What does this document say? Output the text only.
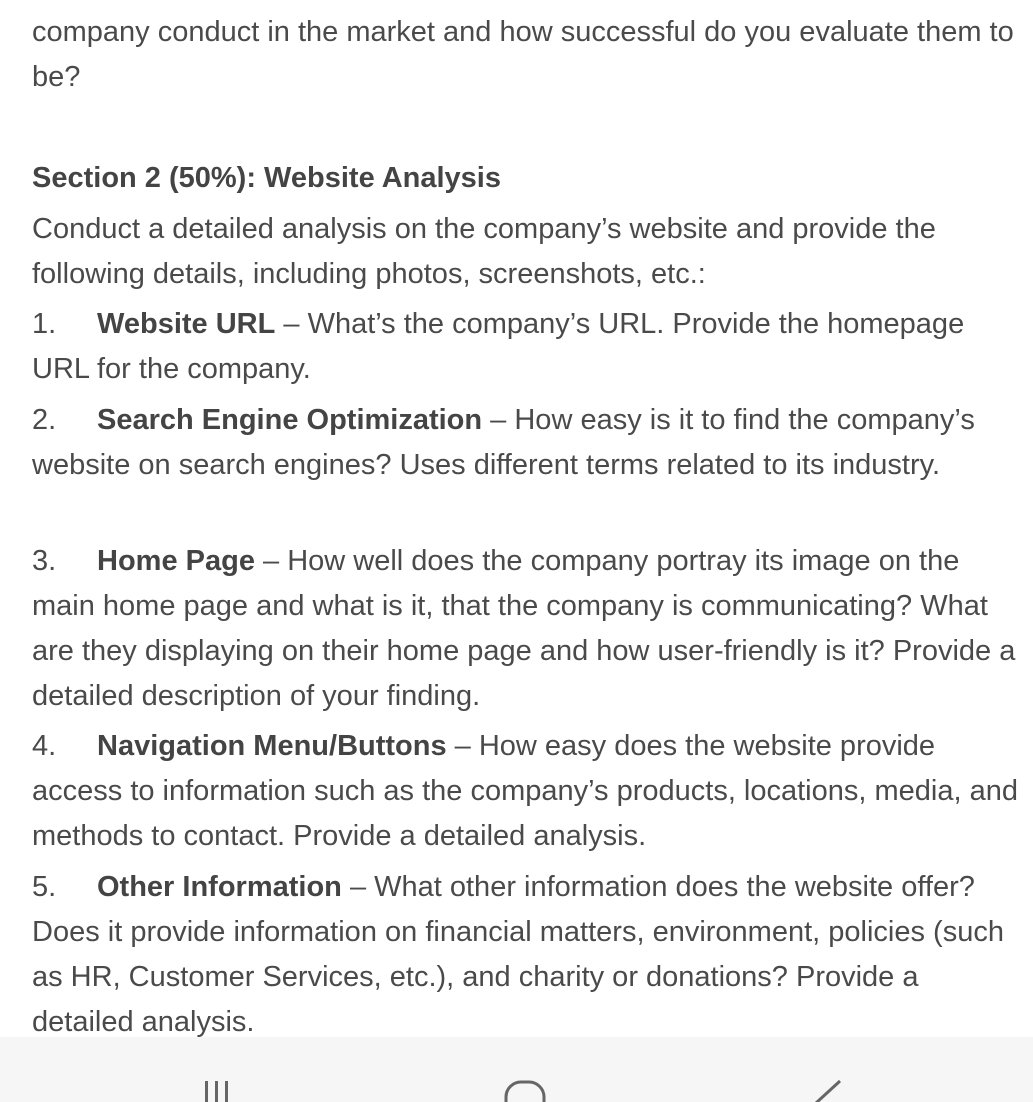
company conduct in the market and how successful do you evaluate them to be?

Section 2 (50%): Website Analysis

Conduct a detailed analysis on the company’s website and provide the following details, including photos, screenshots, etc.:

1. Website URL – What’s the company’s URL. Provide the homepage URL for the company.

2. Search Engine Optimization – How easy is it to find the company’s website on search engines? Uses different terms related to its industry.

3. Home Page – How well does the company portray its image on the main home page and what is it, that the company is communicating? What are they displaying on their home page and how user-friendly is it? Provide a detailed description of your finding.

4. Navigation Menu/Buttons – How easy does the website provide access to information such as the company’s products, locations, media, and methods to contact. Provide a detailed analysis.

5. Other Information – What other information does the website offer? Does it provide information on financial matters, environment, policies (such as HR, Customer Services, etc.), and charity or donations? Provide a detailed analysis.
